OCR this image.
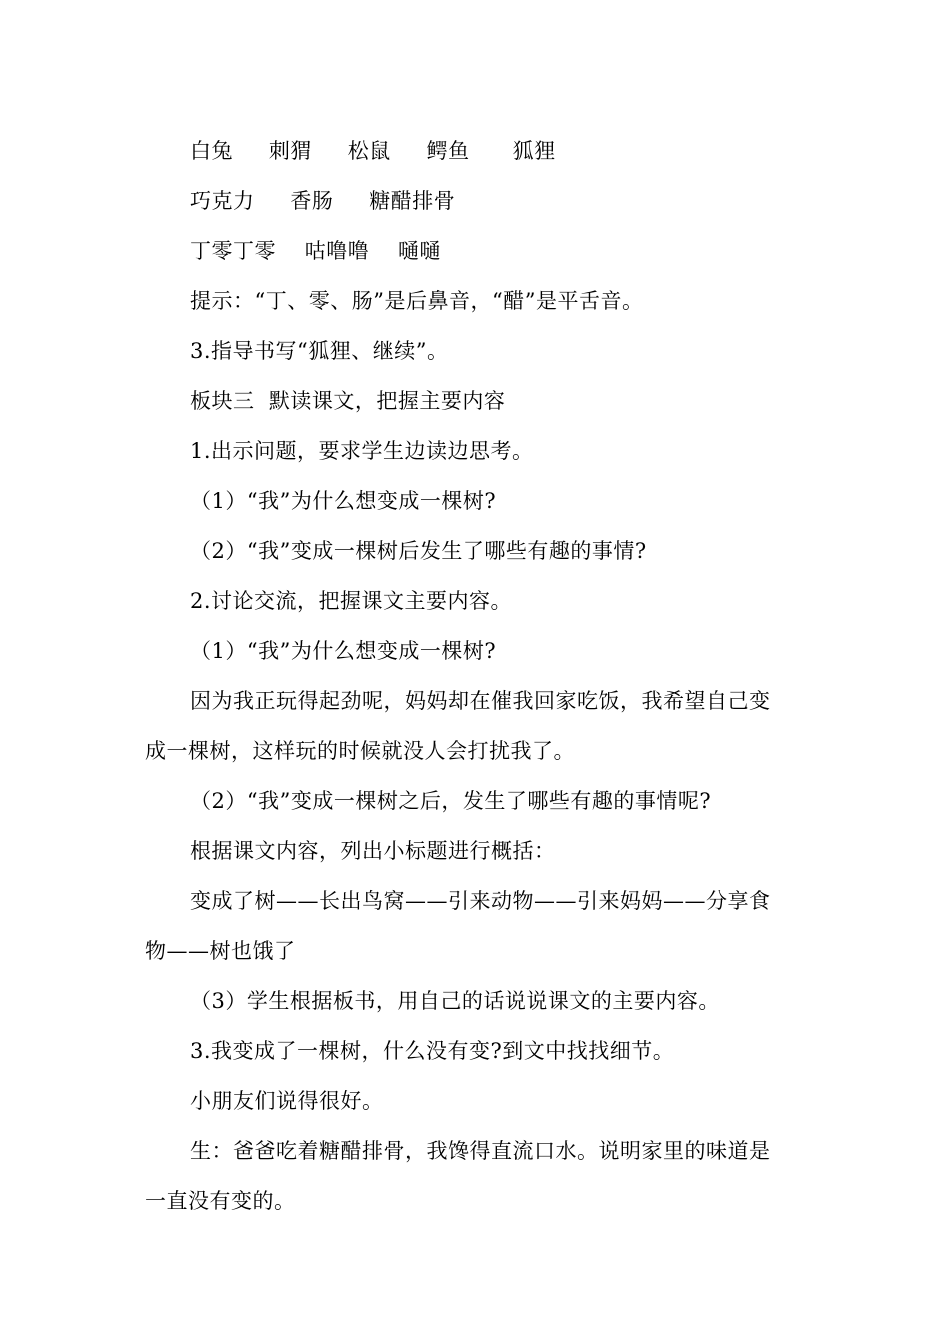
白兔     刺猬     松鼠     鳄鱼      狐狸
巧克力     香肠     糖醋排骨
丁零丁零    咕噜噜    嗵嗵
提示：“丁、零、肠”是后鼻音，“醋”是平舌音。
3.指导书写“狐狸、继续”。
板块三  默读课文，把握主要内容
1.出示问题，要求学生边读边思考。
（1）“我”为什么想变成一棵树?
（2）“我”变成一棵树后发生了哪些有趣的事情?
2.讨论交流，把握课文主要内容。
（1）“我”为什么想变成一棵树?
因为我正玩得起劲呢，妈妈却在催我回家吃饭，我希望自己变
成一棵树，这样玩的时候就没人会打扰我了。
（2）“我”变成一棵树之后，发生了哪些有趣的事情呢?
根据课文内容，列出小标题进行概括：
变成了树——长出鸟窝——引来动物——引来妈妈——分享食
物——树也饿了
（3）学生根据板书，用自己的话说说课文的主要内容。
3.我变成了一棵树，什么没有变?到文中找找细节。
小朋友们说得很好。
生：爸爸吃着糖醋排骨，我馋得直流口水。说明家里的味道是
一直没有变的。
